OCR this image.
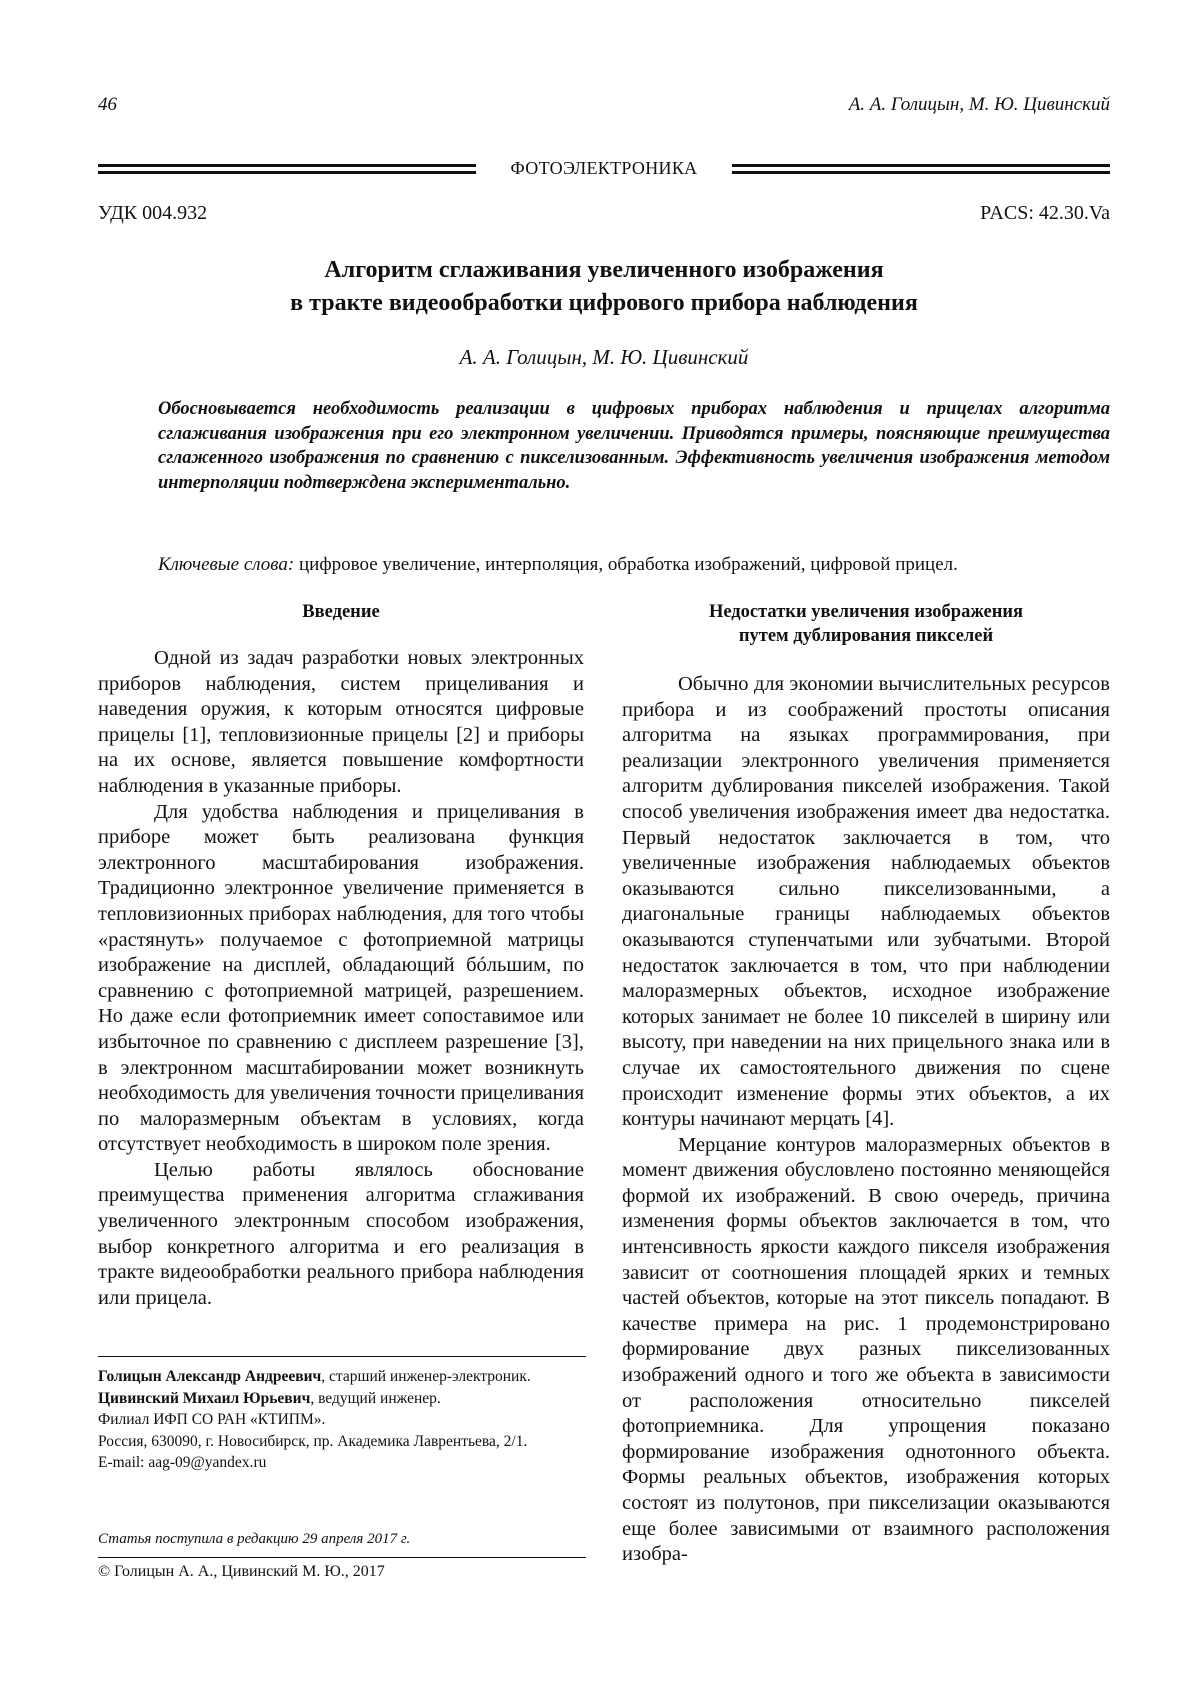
46	А. А. Голицын, М. Ю. Цивинский
ФОТОЭЛЕКТРОНИКА
УДК 004.932	PACS: 42.30.Va
Алгоритм сглаживания увеличенного изображения
в тракте видеообработки цифрового прибора наблюдения
А. А. Голицын, М. Ю. Цивинский
Обосновывается необходимость реализации в цифровых приборах наблюдения и прицелах алгоритма сглаживания изображения при его электронном увеличении. Приводятся примеры, поясняющие преимущества сглаженного изображения по сравнению с пикселизованным. Эффективность увеличения изображения методом интерполяции подтверждена экспериментально.
Ключевые слова: цифровое увеличение, интерполяция, обработка изображений, цифровой прицел.
Введение

Одной из задач разработки новых электронных приборов наблюдения, систем прицеливания и наведения оружия, к которым относятся цифровые прицелы [1], тепловизионные прицелы [2] и приборы на их основе, является повышение комфортности наблюдения в указанные приборы.

Для удобства наблюдения и прицеливания в приборе может быть реализована функция электронного масштабирования изображения. Традиционно электронное увеличение применяется в тепловизионных приборах наблюдения, для того чтобы «растянуть» получаемое с фотоприемной матрицы изображение на дисплей, обладающий бóльшим, по сравнению с фотоприемной матрицей, разрешением. Но даже если фотоприемник имеет сопоставимое или избыточное по сравнению с дисплеем разрешение [3], в электронном масштабировании может возникнуть необходимость для увеличения точности прицеливания по малоразмерным объектам в условиях, когда отсутствует необходимость в широком поле зрения.

Целью работы являлось обоснование преимущества применения алгоритма сглаживания увеличенного электронным способом изображения, выбор конкретного алгоритма и его реализация в тракте видеообработки реального прибора наблюдения или прицела.

Недостатки увеличения изображения
путем дублирования пикселей

Обычно для экономии вычислительных ресурсов прибора и из соображений простоты описания алгоритма на языках программирования, при реализации электронного увеличения применяется алгоритм дублирования пикселей изображения. Такой способ увеличения изображения имеет два недостатка. Первый недостаток заключается в том, что увеличенные изображения наблюдаемых объектов оказываются сильно пикселизованными, а диагональные границы наблюдаемых объектов оказываются ступенчатыми или зубчатыми. Второй недостаток заключается в том, что при наблюдении малоразмерных объектов, исходное изображение которых занимает не более 10 пикселей в ширину или высоту, при наведении на них прицельного знака или в случае их самостоятельного движения по сцене происходит изменение формы этих объектов, а их контуры начинают мерцать [4].

Мерцание контуров малоразмерных объектов в момент движения обусловлено постоянно меняющейся формой их изображений. В свою очередь, причина изменения формы объектов заключается в том, что интенсивность яркости каждого пикселя изображения зависит от соотношения площадей ярких и темных частей объектов, которые на этот пиксель попадают. В качестве примера на рис. 1 продемонстрировано формирование двух разных пикселизованных изображений одного и того же объекта в зависимости от расположения относительно пикселей фотоприемника. Для упрощения показано формирование изображения однотонного объекта. Формы реальных объектов, изображения которых состоят из полутонов, при пикселизации оказываются еще более зависимыми от взаимного расположения изобра-

Голицын Александр Андреевич, старший инженер-электроник.
Цивинский Михаил Юрьевич, ведущий инженер.
Филиал ИФП СО РАН «КТИПМ».
Россия, 630090, г. Новосибирск, пр. Академика Лаврентьева, 2/1.
E-mail: aag-09@yandex.ru
Статья поступила в редакцию 29 апреля 2017 г.
© Голицын А. А., Цивинский М. Ю., 2017
